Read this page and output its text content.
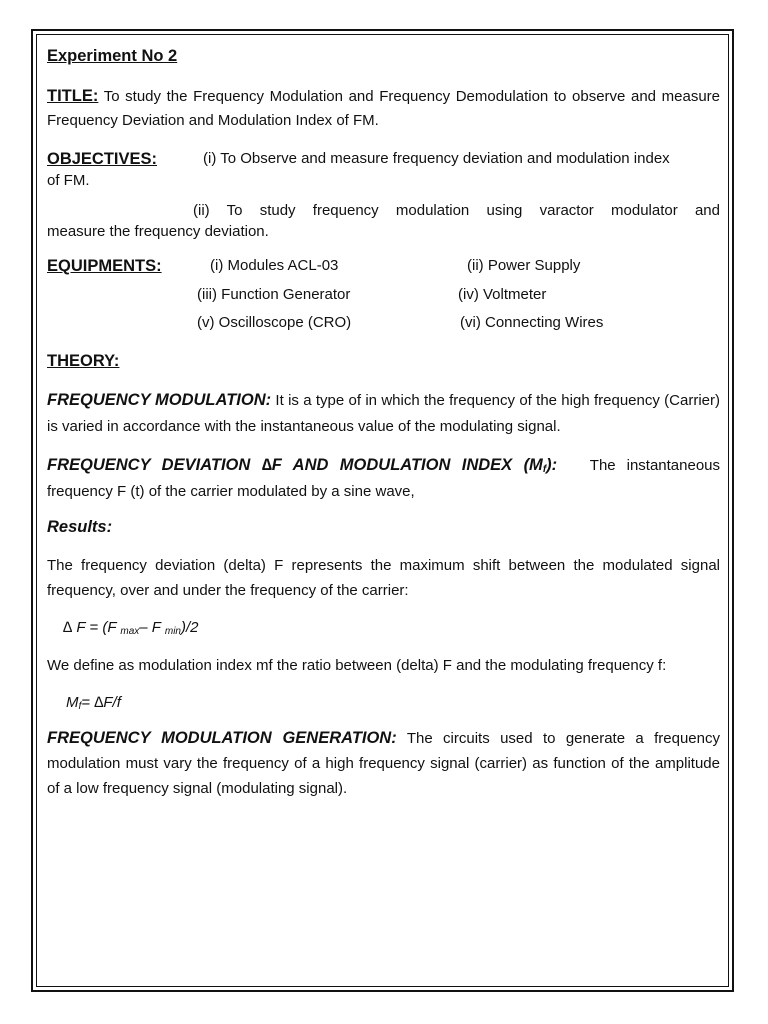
Experiment No 2

TITLE: To study the Frequency Modulation and Frequency Demodulation to observe and measure Frequency Deviation and Modulation Index of FM.

OBJECTIVES:	(i) To Observe and measure frequency deviation and modulation index

of FM.

(ii) To study frequency modulation using varactor modulator and

measure the frequency deviation.

EQUIPMENTS:	(i) Modules ACL-03	(ii) Power Supply
(iii) Function Generator	(iv) Voltmeter
(v) Oscilloscope (CRO)	(vi) Connecting Wires

THEORY:

FREQUENCY MODULATION: It is a type of in which the frequency of the high frequency (Carrier) is varied in accordance with the instantaneous value of the modulating signal.

FREQUENCY DEVIATION ∆F AND MODULATION INDEX $(M_f)$: The instantaneous frequency F (t) of the carrier modulated by a sine wave,

Results:

The frequency deviation (delta) F represents the maximum shift between the modulated signal frequency, over and under the frequency of the carrier:

∆ F = (F $_{max}$– F $_{min}$)/2

We define as modulation index mf the ratio between (delta) F and the modulating frequency f:

$M_f= \Delta F/f$

FREQUENCY MODULATION GENERATION: The circuits used to generate a frequency modulation must vary the frequency of a high frequency signal (carrier) as function of the amplitude of a low frequency signal (modulating signal).
